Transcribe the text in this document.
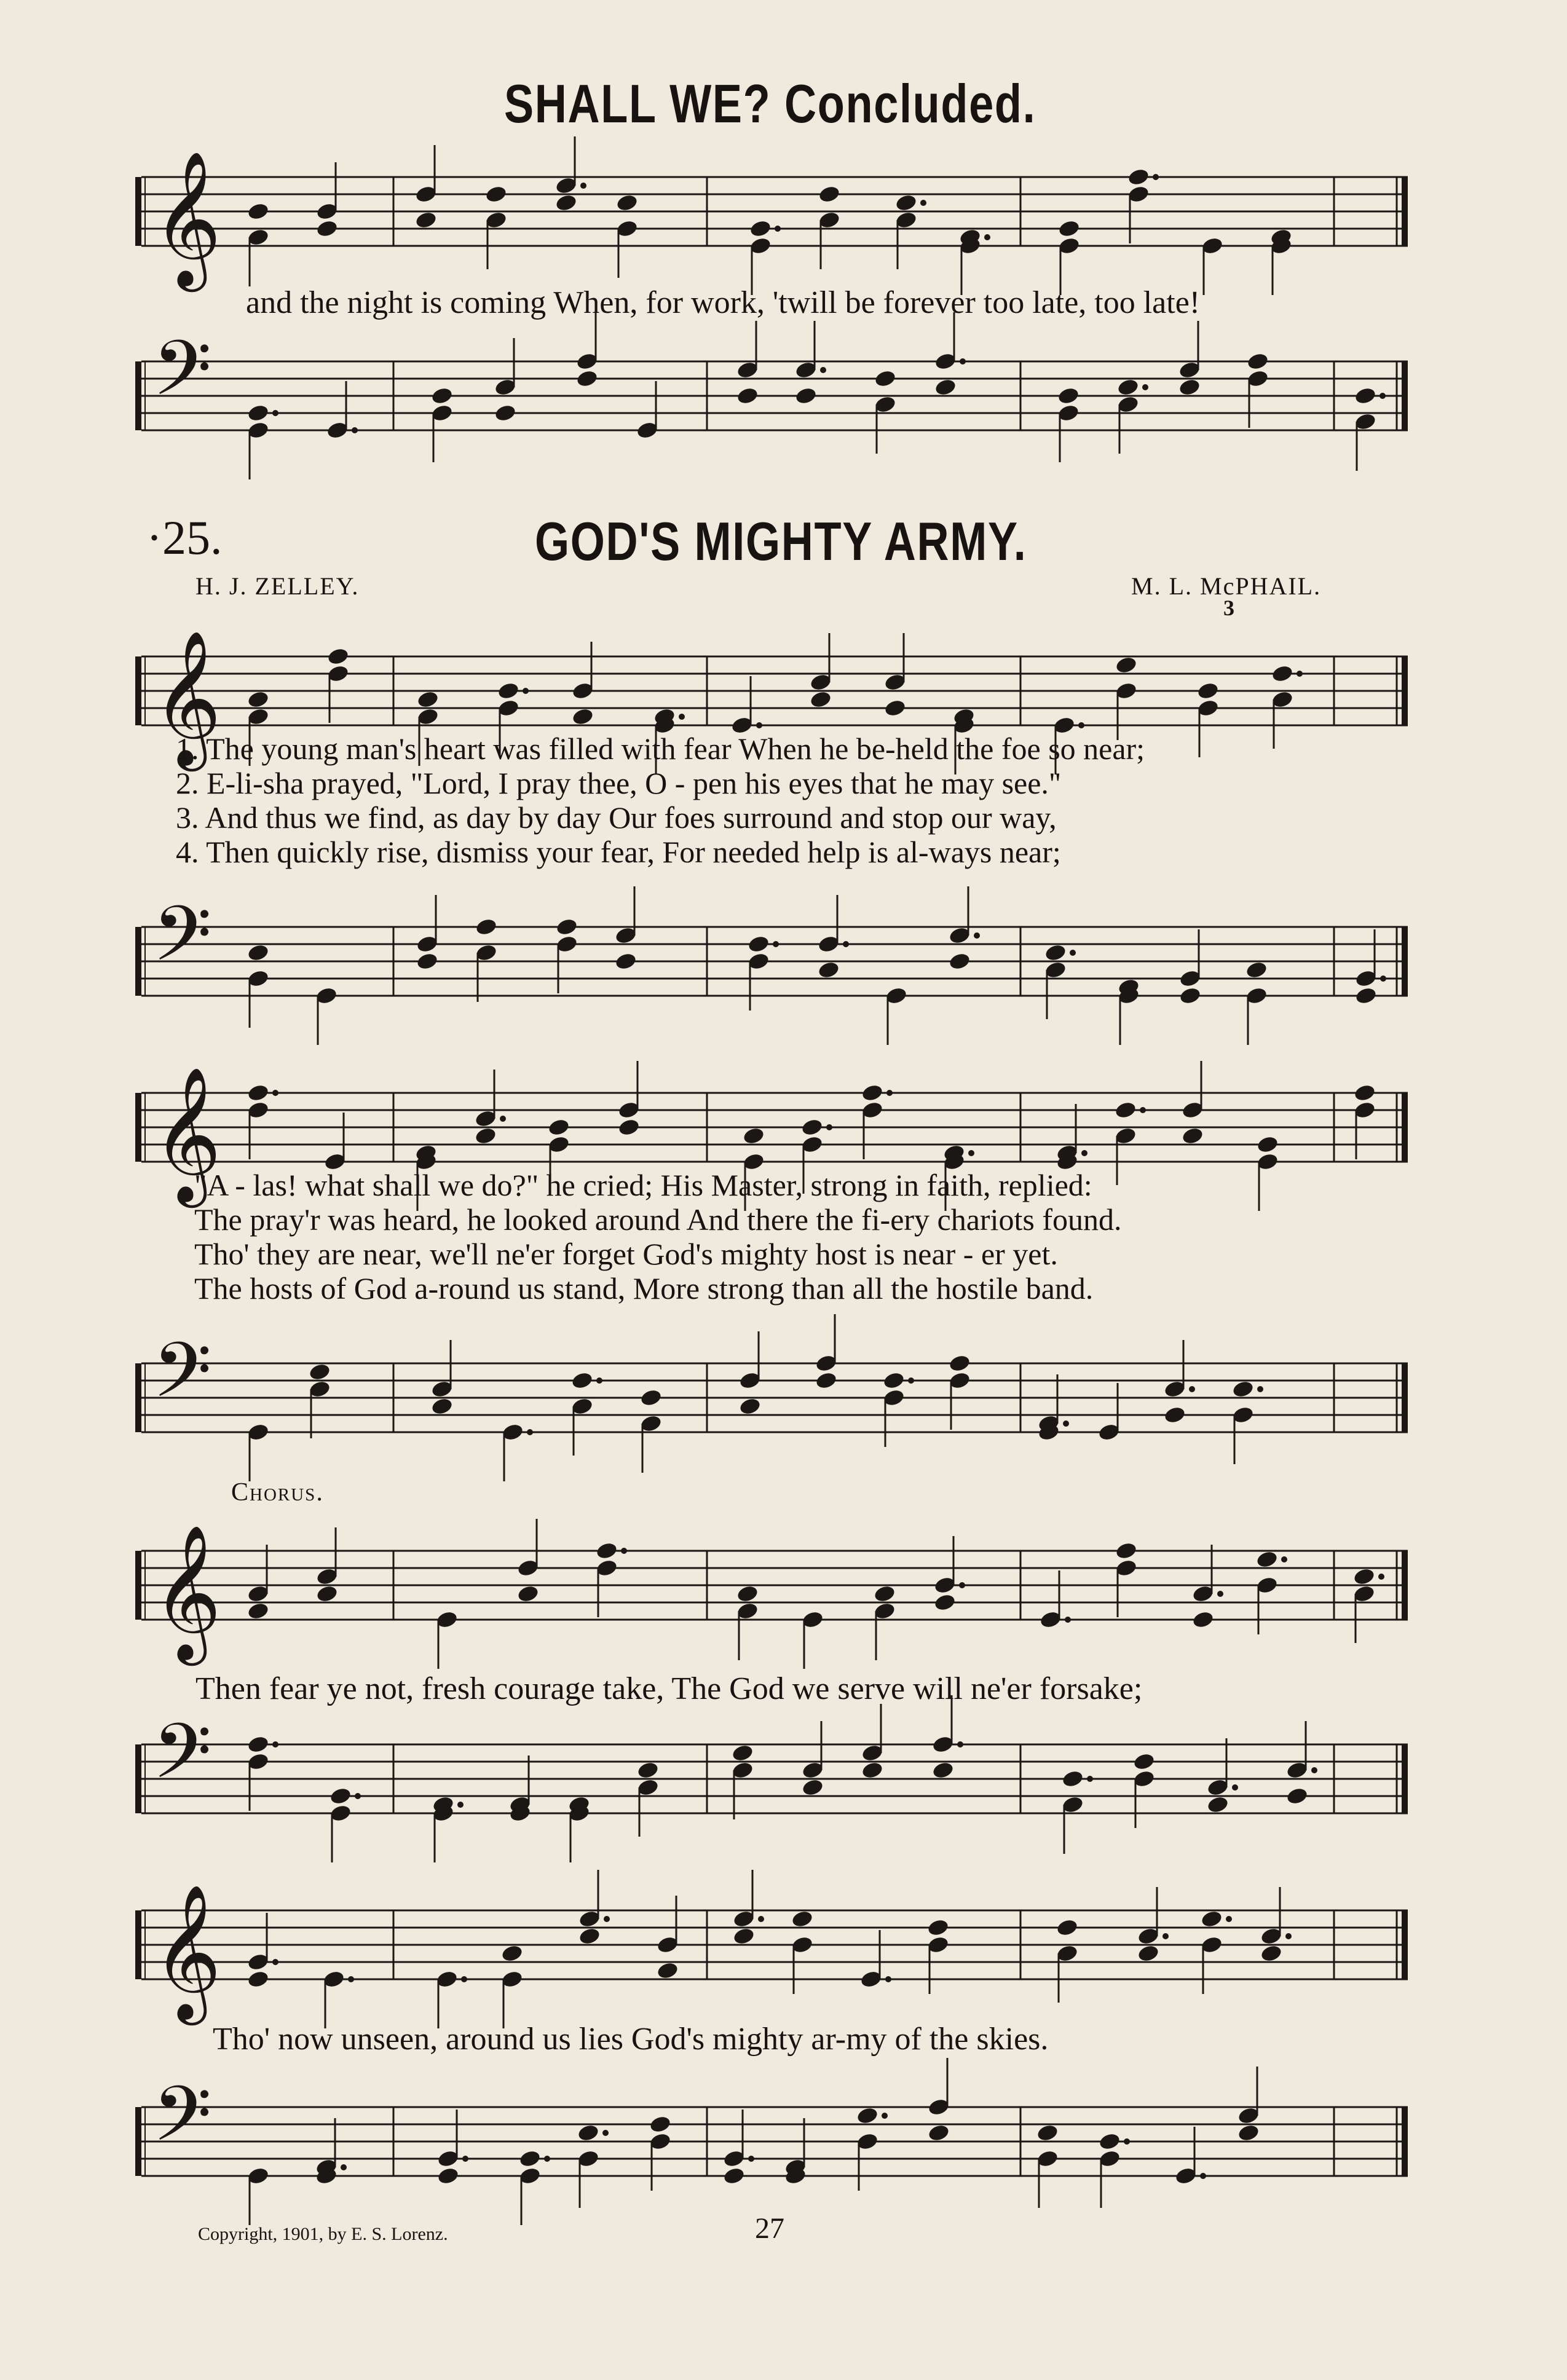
SHALL WE? Concluded.
𝄞
and the night is coming When, for work, 'twill be forever too late, too late!
𝄢
·25.	GOD'S MIGHTY ARMY.
H. J. ZELLEY.	M. L. McPHAIL.
3
𝄞
1. The young man's heart was filled with fear When he be-held the foe so near;
2. E-li-sha prayed, "Lord, I pray thee, O - pen his eyes that he may see."
3. And thus we find, as day by day Our foes surround and stop our way,
4. Then quickly rise, dismiss your fear, For needed help is al-ways near;
𝄢
𝄞
"A - las! what shall we do?" he cried; His Master, strong in faith, replied:
The pray'r was heard, he looked around And there the fi-ery chariots found.
Tho' they are near, we'll ne'er forget God's mighty host is near - er yet.
The hosts of God a-round us stand, More strong than all the hostile band.
𝄢
Chorus.
𝄞
Then fear ye not, fresh courage take, The God we serve will ne'er forsake;
𝄢
𝄞
Tho' now unseen, around us lies God's mighty ar-my of the skies.
𝄢
Copyright, 1901, by E. S. Lorenz.	27
